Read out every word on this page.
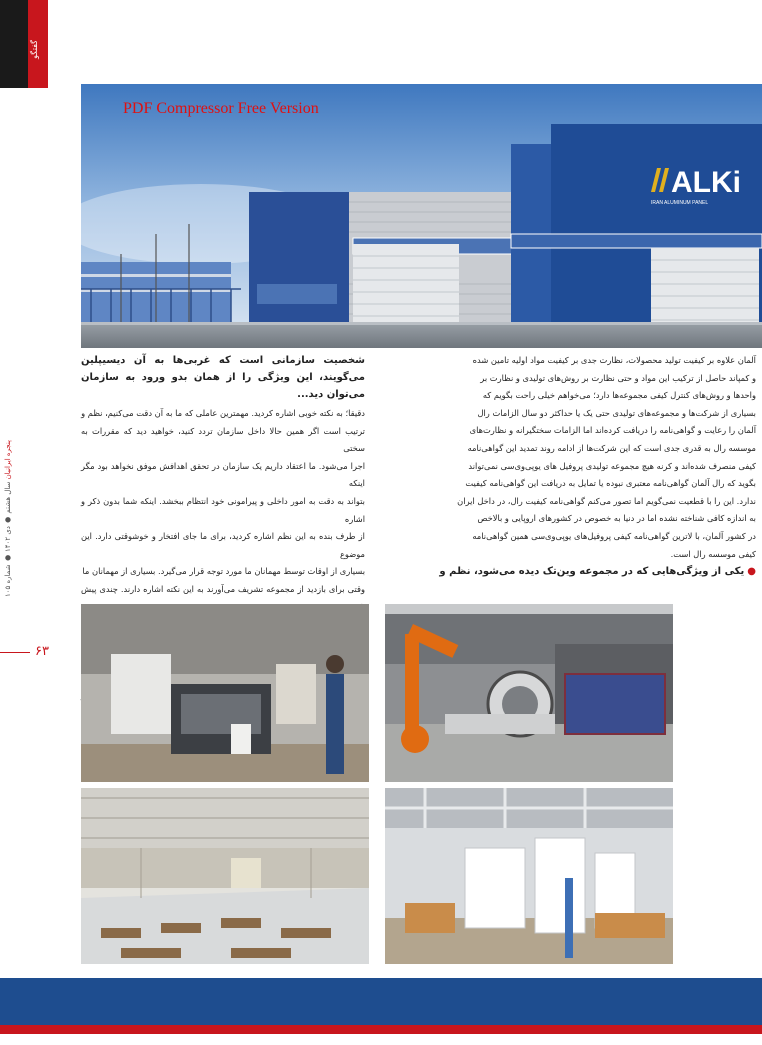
گفتگو
پنجره ایرانیان سال هشتم ● دی ۱۴۰۲ ● شماره ۱۰۵
۶۳
ALKi
IRAN ALUMINUM PANEL
PDF Compressor Free Version

آلمان علاوه بر کیفیت تولید محصولات، نظارت جدی بر کیفیت مواد اولیه تامین شده

و کمپاند حاصل از ترکیب این مواد و حتی نظارت بر روش‌های تولیدی و نظارت بر

واحدها و روش‌های کنترل کیفی مجموعه‌ها دارد؛ می‌خواهم خیلی راحت بگویم که

بسیاری از شرکت‌ها و مجموعه‌های تولیدی حتی یک یا حداکثر دو سال الزامات رال

آلمان را رعایت و گواهی‌نامه را دریافت کرده‌اند اما الزامات سختگیرانه و نظارت‌های

موسسه رال به قدری جدی است که این شرکت‌ها از ادامه روند تمدید این گواهی‌نامه

کیفی منصرف شده‌اند و کرنه هیچ مجموعه تولیدی پروفیل های یوپی‌وی‌سی نمی‌تواند

بگوید که رال آلمان گواهی‌نامه معتبری نبوده یا تمایل به دریافت این گواهی‌نامه کیفیت

ندارد. این را با قطعیت نمی‌گویم اما تصور می‌کنم گواهی‌نامه کیفیت رال، در داخل ایران

به اندازه کافی شناخته نشده اما در دنیا به خصوص در کشورهای اروپایی و بالاخص

در کشور آلمان، با لاترین گواهی‌نامه کیفی پروفیل‌های یوپی‌وی‌سی همین گواهی‌نامه

کیفی موسسه رال است.

●یکی از ویژگی‌هایی که در مجموعه وین‌تک دیده می‌شود، نظم و

شخصیت سازمانی است که غربی‌ها به آن دیسیپلین می‌گویند، این ویژگی را از همان بدو ورود به سازمان می‌توان دید...

دقیقا؛ به نکته خوبی اشاره کردید. مهمترین عاملی که ما به آن دقت می‌کنیم، نظم و

ترتیب است اگر همین حالا داخل سازمان تردد کنید، خواهید دید که مقررات به سختی

اجرا می‌شود. ما اعتقاد داریم یک سازمان در تحقق اهدافش موفق نخواهد بود مگر اینکه

بتواند به دقت به امور داخلی و پیرامونی خود انتظام ببخشد. اینکه شما بدون ذکر و اشاره

از طرف بنده به این نظم اشاره کردید، برای ما جای افتخار و خوشوقتی دارد. این موضوع

بسیاری از اوقات توسط مهمانان ما مورد توجه قرار می‌گیرد. بسیاری از مهمانان ما

وقتی برای بازدید از مجموعه تشریف می‌آورند به این نکته اشاره دارند. چندی پیش
